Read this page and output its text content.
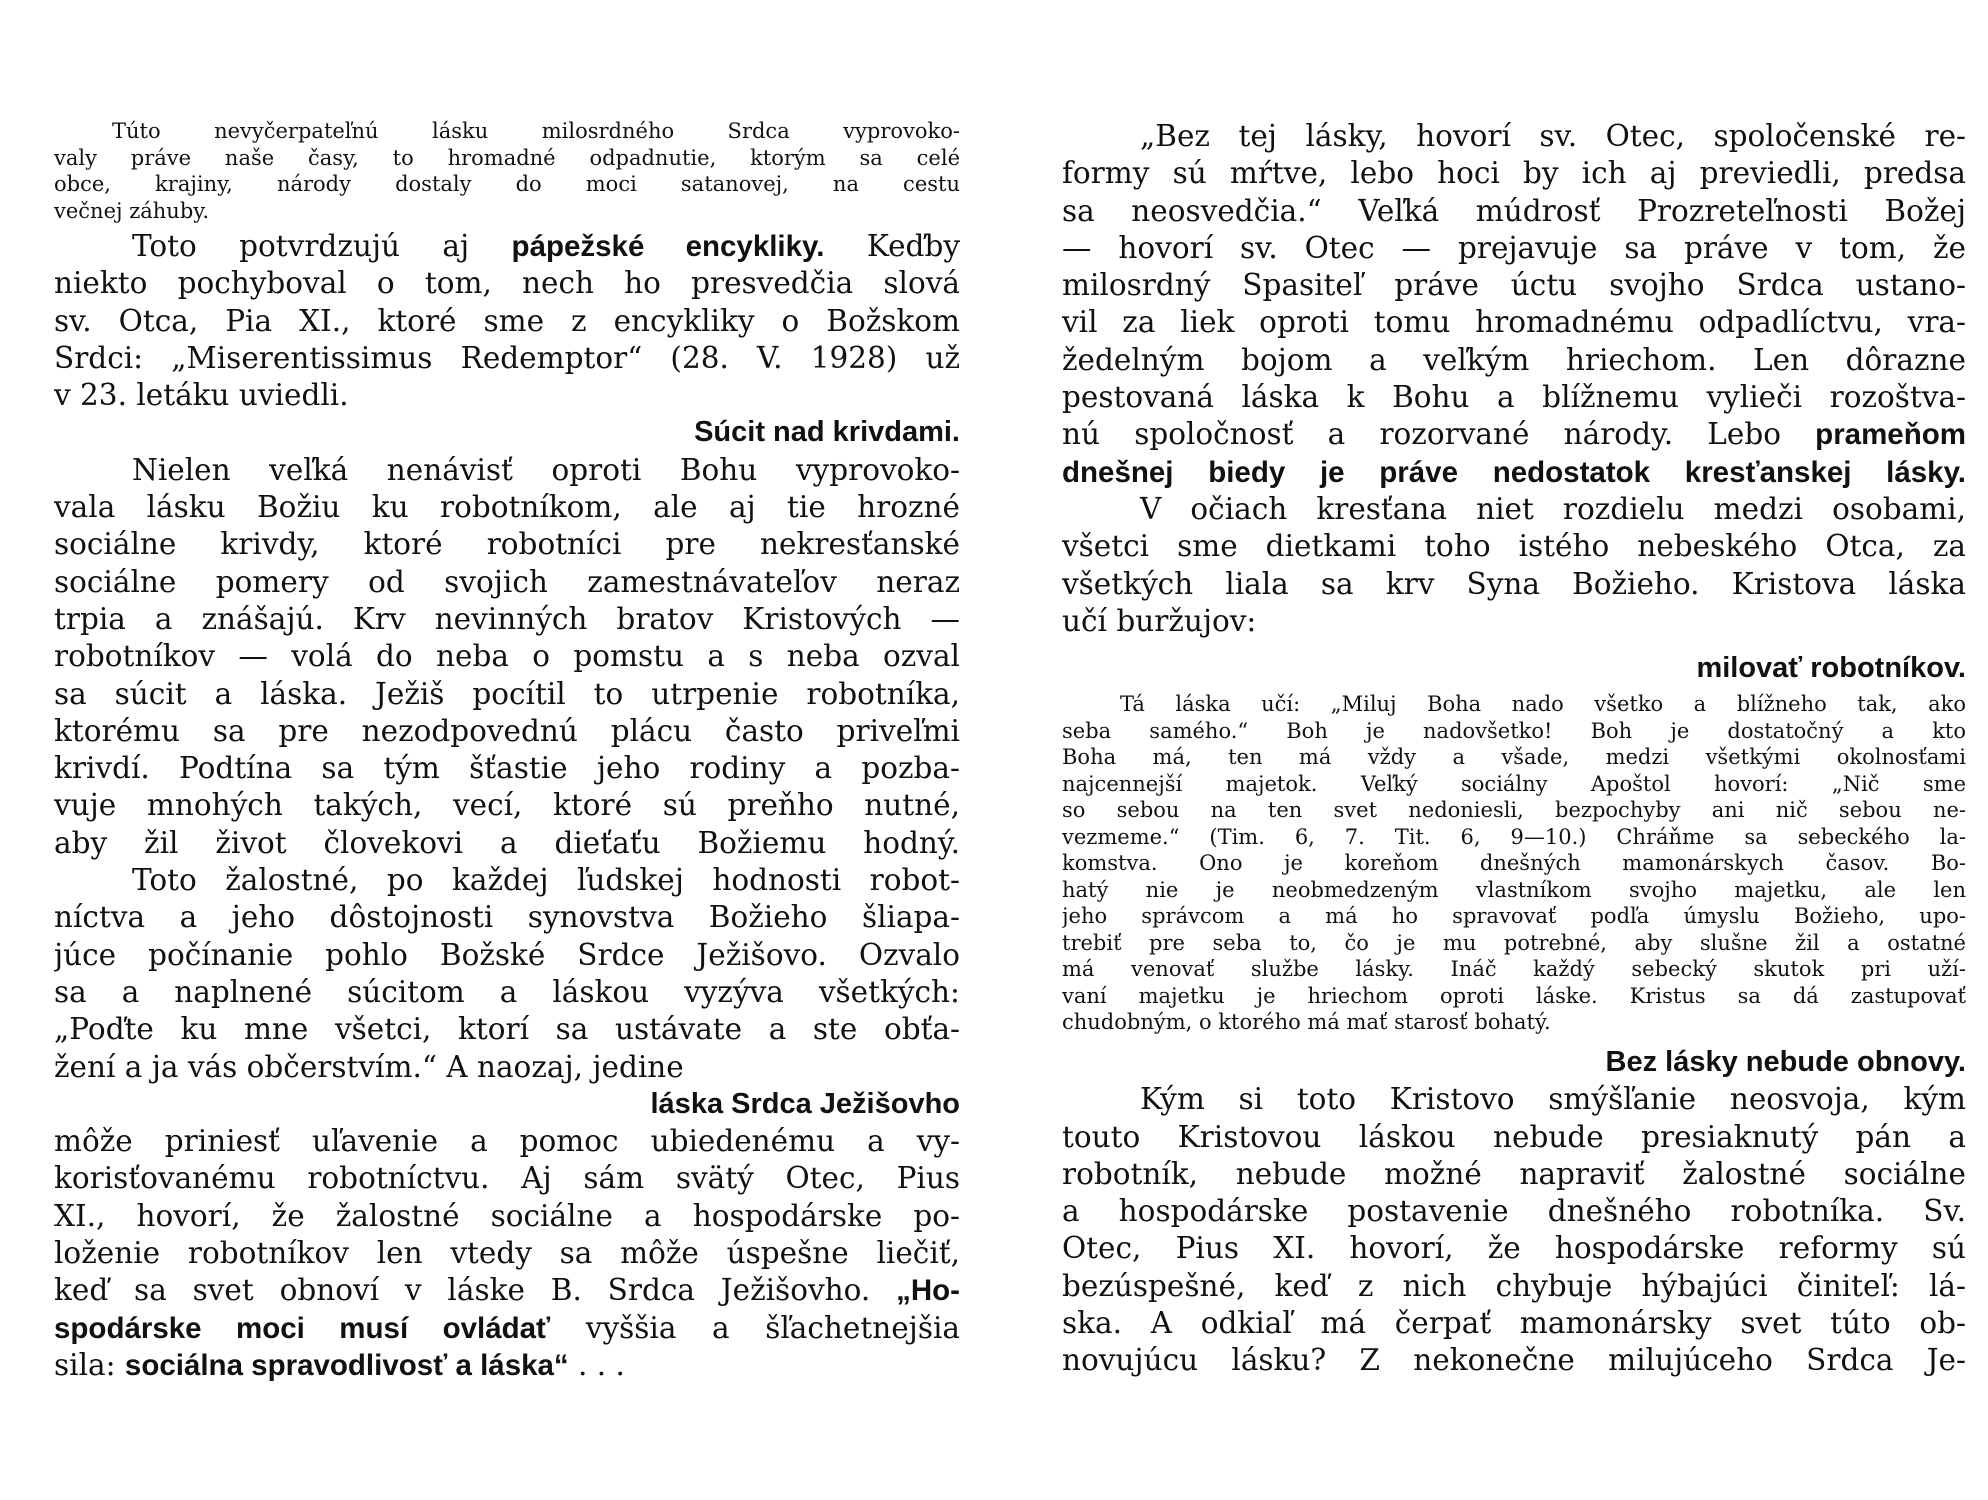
Túto nevyčerpateľnú lásku milosrdného Srdca vyprovoko-
valy práve naše časy, to hromadné odpadnutie, ktorým sa celé
obce, krajiny, národy dostaly do moci satanovej, na cestu
večnej záhuby.
Toto potvrdzujú aj pápežské encykliky. Keďby
niekto pochyboval o tom, nech ho presvedčia slová
sv. Otca, Pia XI., ktoré sme z encykliky o Božskom
Srdci: „Miserentissimus Redemptor“ (28. V. 1928) už
v 23. letáku uviedli.
Súcit nad krivdami.
Nielen veľká nenávisť oproti Bohu vyprovoko-
vala lásku Božiu ku robotníkom, ale aj tie hrozné
sociálne krivdy, ktoré robotníci pre nekresťanské
sociálne pomery od svojich zamestnávateľov neraz
trpia a znášajú. Krv nevinných bratov Kristových —
robotníkov — volá do neba o pomstu a s neba ozval
sa súcit a láska. Ježiš pocítil to utrpenie robotníka,
ktorému sa pre nezodpovednú plácu často priveľmi
krivdí. Podtína sa tým šťastie jeho rodiny a pozba-
vuje mnohých takých, vecí, ktoré sú preňho nutné,
aby žil život človekovi a dieťaťu Božiemu hodný.
Toto žalostné, po každej ľudskej hodnosti robot-
níctva a jeho dôstojnosti synovstva Božieho šliapa-
júce počínanie pohlo Božské Srdce Ježišovo. Ozvalo
sa a naplnené súcitom a láskou vyzýva všetkých:
„Poďte ku mne všetci, ktorí sa ustávate a ste obťa-
žení a ja vás občerstvím.“ A naozaj, jedine
láska Srdca Ježišovho
môže priniesť uľavenie a pomoc ubiedenému a vy-
korisťovanému robotníctvu. Aj sám svätý Otec, Pius
XI., hovorí, že žalostné sociálne a hospodárske po-
loženie robotníkov len vtedy sa môže úspešne liečiť,
keď sa svet obnoví v láske B. Srdca Ježišovho. „Ho-
spodárske moci musí ovládať vyššia a šľachetnejšia
sila: sociálna spravodlivosť a láska“ . . .
„Bez tej lásky, hovorí sv. Otec, spoločenské re-
formy sú mŕtve, lebo hoci by ich aj previedli, predsa
sa neosvedčia.“ Veľká múdrosť Prozreteľnosti Božej
— hovorí sv. Otec — prejavuje sa práve v tom, že
milosrdný Spasiteľ práve úctu svojho Srdca ustano-
vil za liek oproti tomu hromadnému odpadlíctvu, vra-
žedelným bojom a veľkým hriechom. Len dôrazne
pestovaná láska k Bohu a blížnemu vylieči rozoštva-
nú spoločnosť a rozorvané národy. Lebo prameňom
dnešnej biedy je práve nedostatok kresťanskej lásky.
V očiach kresťana niet rozdielu medzi osobami,
všetci sme dietkami toho istého nebeského Otca, za
všetkých liala sa krv Syna Božieho. Kristova láska
učí buržujov:
milovať robotníkov.
Tá láska učí: „Miluj Boha nado všetko a blížneho tak, ako
seba samého.“ Boh je nadovšetko! Boh je dostatočný a kto
Boha má, ten má vždy a všade, medzi všetkými okolnosťami
najcennejší majetok. Veľký sociálny Apoštol hovorí: „Nič sme
so sebou na ten svet nedoniesli, bezpochyby ani nič sebou ne-
vezmeme.“ (Tim. 6, 7. Tit. 6, 9—10.) Chráňme sa sebeckého la-
komstva. Ono je koreňom dnešných mamonárskych časov. Bo-
hatý nie je neobmedzeným vlastníkom svojho majetku, ale len
jeho správcom a má ho spravovať podľa úmyslu Božieho, upo-
trebiť pre seba to, čo je mu potrebné, aby slušne žil a ostatné
má venovať službe lásky. Ináč každý sebecký skutok pri uží-
vaní majetku je hriechom oproti láske. Kristus sa dá zastupovať
chudobným, o ktorého má mať starosť bohatý.
Bez lásky nebude obnovy.
Kým si toto Kristovo smýšľanie neosvoja, kým
touto Kristovou láskou nebude presiaknutý pán a
robotník, nebude možné napraviť žalostné sociálne
a hospodárske postavenie dnešného robotníka. Sv.
Otec, Pius XI. hovorí, že hospodárske reformy sú
bezúspešné, keď z nich chybuje hýbajúci činiteľ: lá-
ska. A odkiaľ má čerpať mamonársky svet túto ob-
novujúcu lásku? Z nekonečne milujúceho Srdca Je-
